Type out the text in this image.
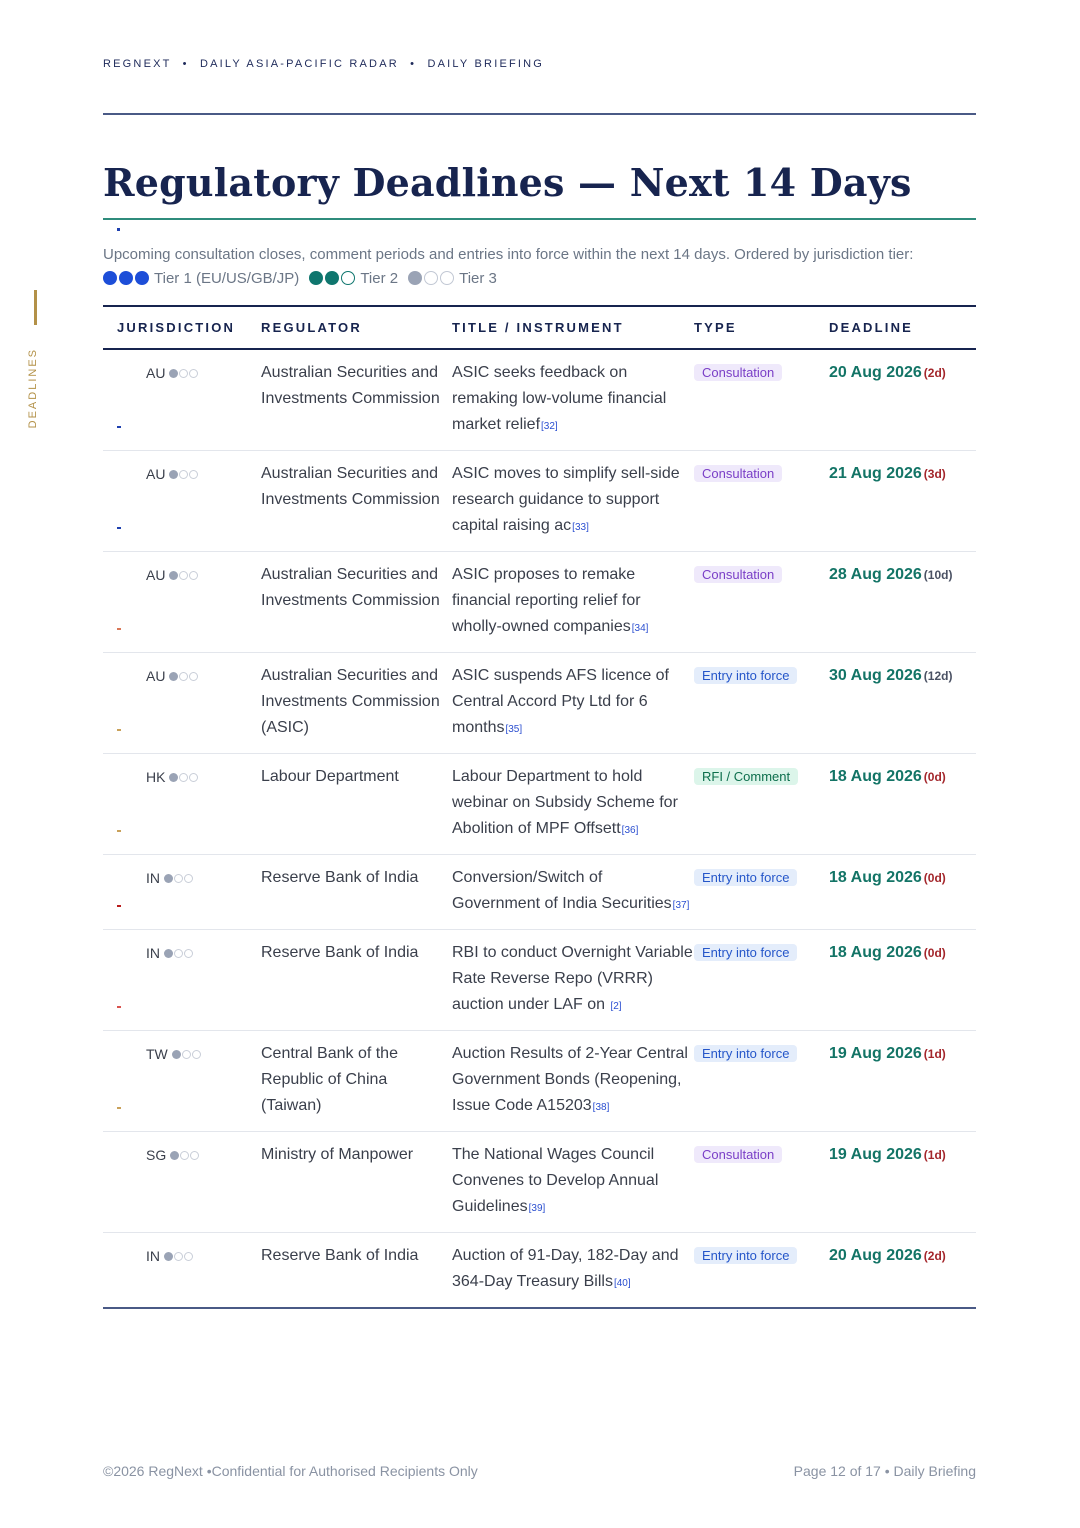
REGNEXT • DAILY ASIA-PACIFIC RADAR • DAILY BRIEFING
DEADLINES
Regulatory Deadlines — Next 14 Days
Upcoming consultation closes, comment periods and entries into force within the next 14 days. Ordered by jurisdiction tier:
Tier 1 (EU/US/GB/JP)	Tier 2	Tier 3
JURISDICTION	REGULATOR	TITLE / INSTRUMENT	TYPE	DEADLINE

AU	Australian Securities and Investments Commission	ASIC seeks feedback on remaking low-volume financial market relief[32]	Consultation	20 Aug 2026 (2d)

AU	Australian Securities and Investments Commission	ASIC moves to simplify sell-side research guidance to support capital raising ac[33]	Consultation	21 Aug 2026 (3d)

AU	Australian Securities and Investments Commission	ASIC proposes to remake financial reporting relief for wholly-owned companies[34]	Consultation	28 Aug 2026 (10d)

AU	Australian Securities and Investments Commission (ASIC)	ASIC suspends AFS licence of Central Accord Pty Ltd for 6 months[35]	Entry into force	30 Aug 2026 (12d)

HK	Labour Department	Labour Department to hold webinar on Subsidy Scheme for Abolition of MPF Offsett[36]	RFI / Comment	18 Aug 2026 (0d)

IN	Reserve Bank of India	Conversion/Switch of Government of India Securities[37]	Entry into force	18 Aug 2026 (0d)

IN	Reserve Bank of India	RBI to conduct Overnight Variable Rate Reverse Repo (VRRR) auction under LAF on [2]	Entry into force	18 Aug 2026 (0d)

TW	Central Bank of the Republic of China (Taiwan)	Auction Results of 2-Year Central Government Bonds (Reopening, Issue Code A15203[38]	Entry into force	19 Aug 2026 (1d)
SG	Ministry of Manpower	The National Wages Council Convenes to Develop Annual Guidelines[39]	Consultation	19 Aug 2026 (1d)
IN	Reserve Bank of India	Auction of 91-Day, 182-Day and 364-Day Treasury Bills[40]	Entry into force	20 Aug 2026 (2d)
©2026 RegNext •Confidential for Authorised Recipients Only	Page 12 of 17 • Daily Briefing
